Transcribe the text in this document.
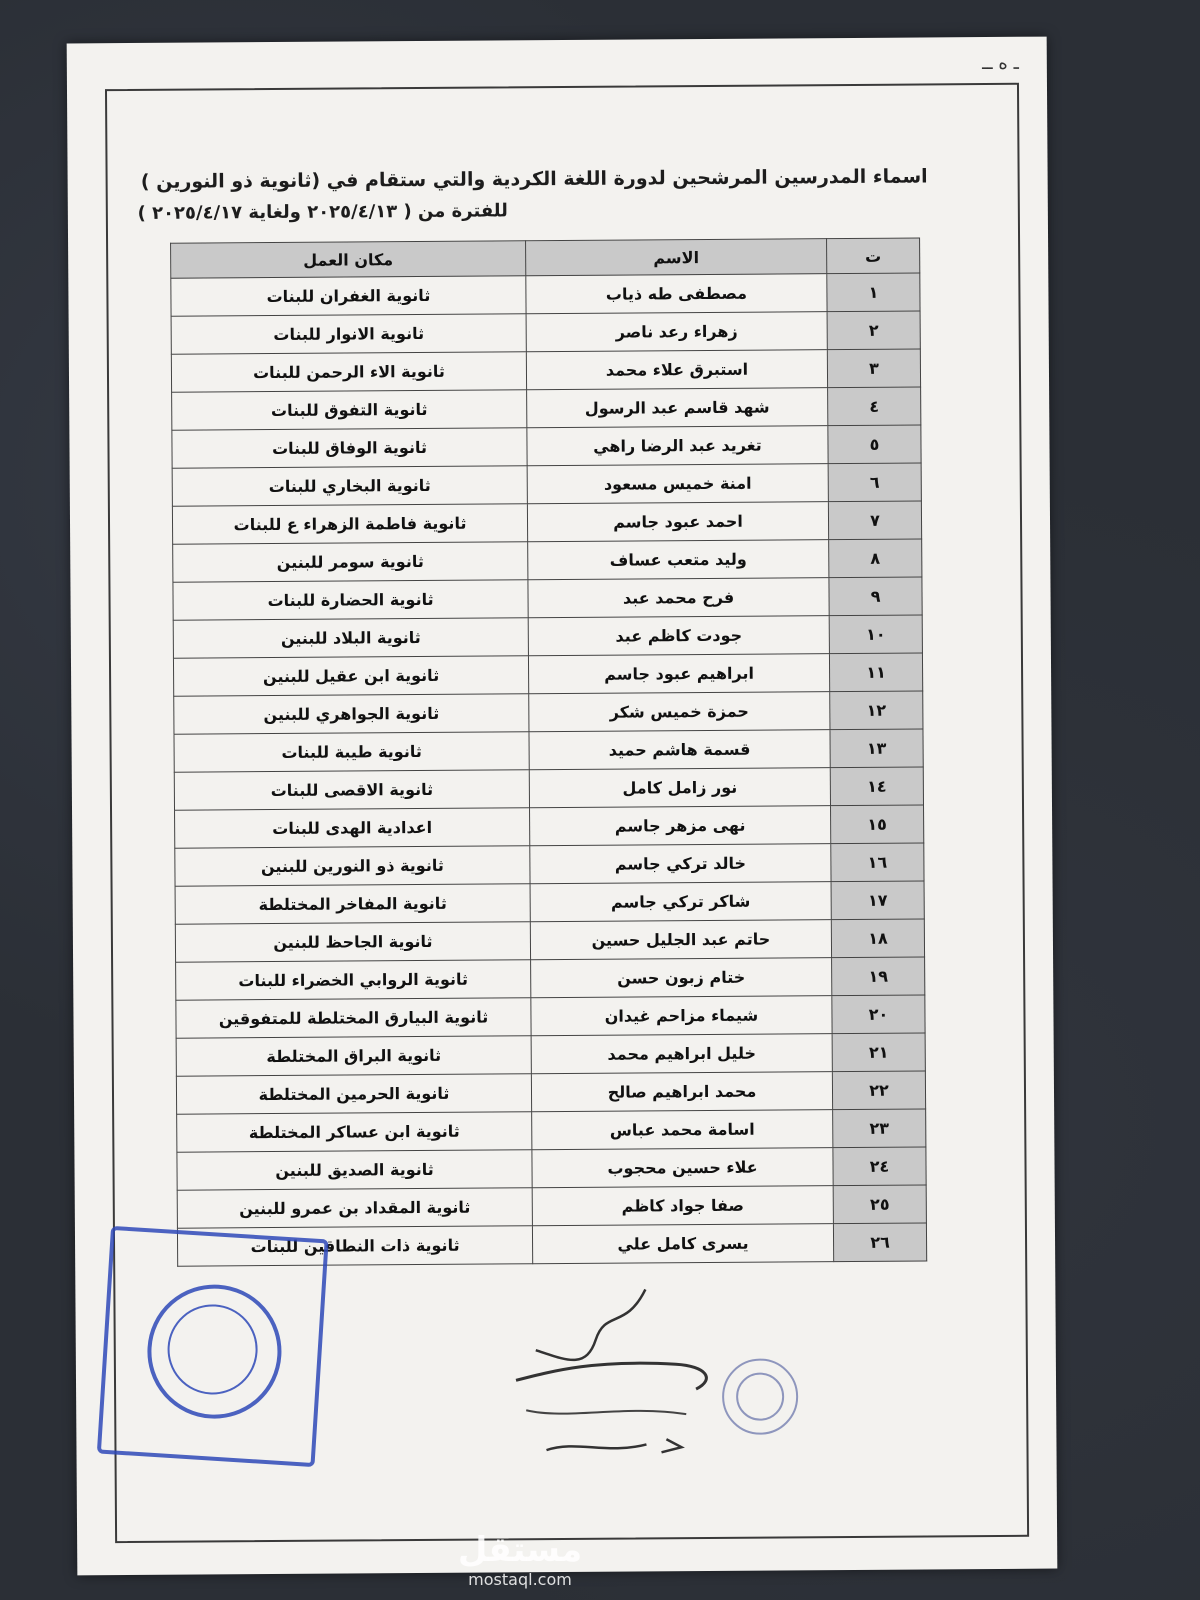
ـ ه ــ
اسماء المدرسين المرشحين لدورة اللغة الكردية والتي ستقام في (ثانوية ذو النورين )
للفترة من ( ٢٠٢٥/٤/١٣ ولغاية ٢٠٢٥/٤/١٧ )
ت	الاسم	مكان العمل
١	مصطفى طه ذياب	ثانوية الغفران للبنات
٢	زهراء رعد ناصر	ثانوية الانوار للبنات
٣	استبرق علاء محمد	ثانوية الاء الرحمن للبنات
٤	شهد قاسم عبد الرسول	ثانوية التفوق للبنات
٥	تغريد عبد الرضا راهي	ثانوية الوفاق للبنات
٦	امنة خميس مسعود	ثانوية البخاري للبنات
٧	احمد عبود جاسم	ثانوية فاطمة الزهراء ع للبنات
٨	وليد متعب عساف	ثانوية سومر للبنين
٩	فرح محمد عبد	ثانوية الحضارة للبنات
١٠	جودت كاظم عبد	ثانوية البلاد للبنين
١١	ابراهيم عبود جاسم	ثانوية ابن عقيل للبنين
١٢	حمزة خميس شكر	ثانوية الجواهري للبنين
١٣	قسمة هاشم حميد	ثانوية طيبة للبنات
١٤	نور زامل كامل	ثانوية الاقصى للبنات
١٥	نهى مزهر جاسم	اعدادية الهدى للبنات
١٦	خالد تركي جاسم	ثانوية ذو النورين للبنين
١٧	شاكر تركي جاسم	ثانوية المفاخر المختلطة
١٨	حاتم عبد الجليل حسين	ثانوية الجاحظ للبنين
١٩	ختام زبون حسن	ثانوية الروابي الخضراء للبنات
٢٠	شيماء مزاحم غيدان	ثانوية البيارق المختلطة للمتفوقين
٢١	خليل ابراهيم محمد	ثانوية البراق المختلطة
٢٢	محمد ابراهيم صالح	ثانوية الحرمين المختلطة
٢٣	اسامة محمد عباس	ثانوية ابن عساكر المختلطة
٢٤	علاء حسين محجوب	ثانوية الصديق للبنين
٢٥	صفا جواد كاظم	ثانوية المقداد بن عمرو للبنين
٢٦	يسرى كامل علي	ثانوية ذات النطاقين للبنات
مستقل
mostaql.com
